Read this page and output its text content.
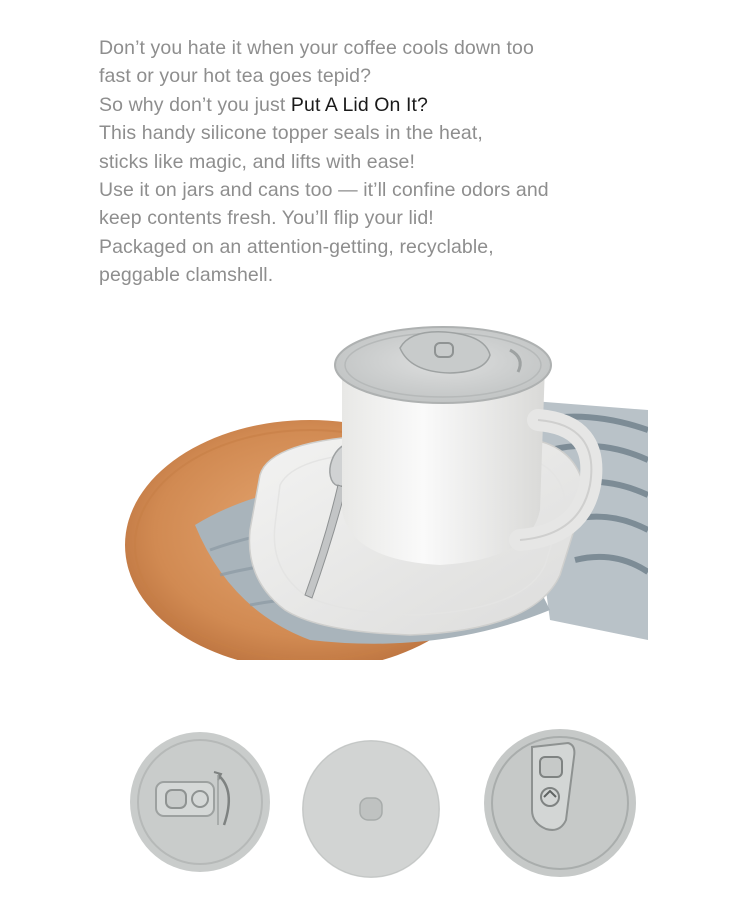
Don’t you hate it when your coffee cools down too
fast or your hot tea goes tepid?
So why don’t you just Put A Lid On It?
This handy silicone topper seals in the heat,
sticks like magic, and lifts with ease!
Use it on jars and cans too — it’ll confine odors and
keep contents fresh. You’ll flip your lid!
Packaged on an attention-getting, recyclable,
peggable clamshell.
